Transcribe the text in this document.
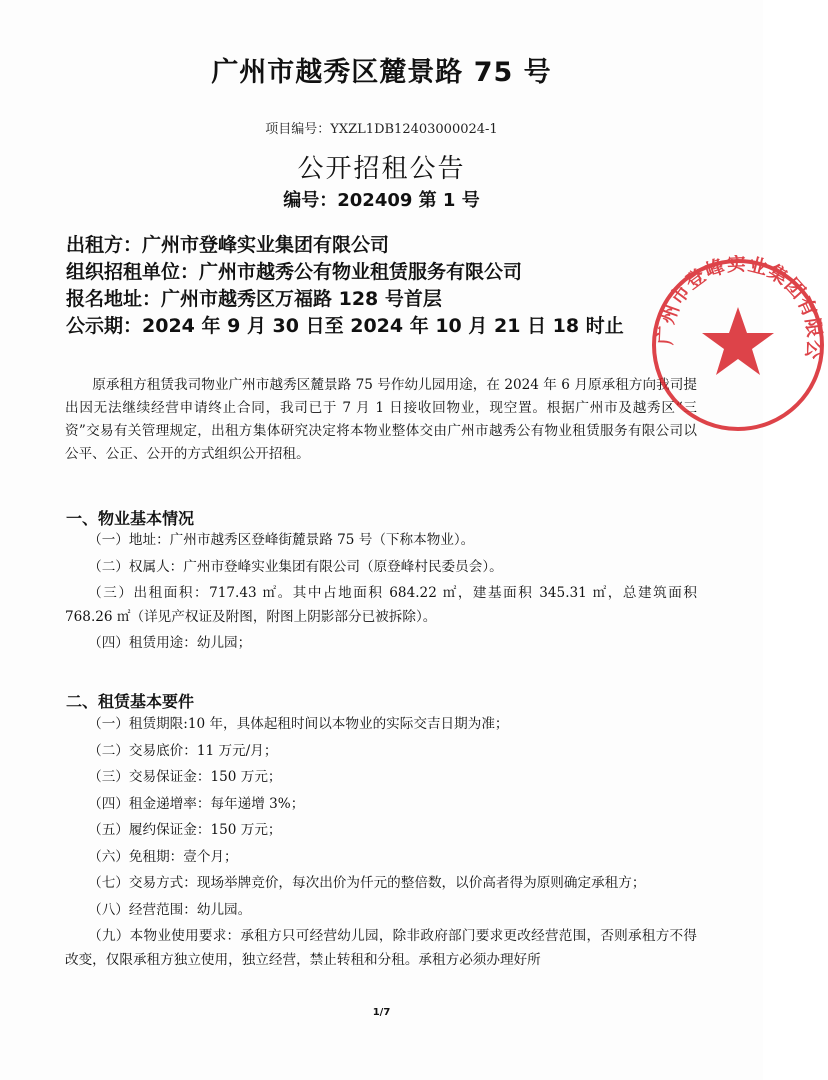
广州市越秀区麓景路 75 号
项目编号：YXZL1DB12403000024-1
公开招租公告
编号：202409 第 1 号
出租方：广州市登峰实业集团有限公司
组织招租单位：广州市越秀公有物业租赁服务有限公司
报名地址：广州市越秀区万福路 128 号首层
公示期：2024 年 9 月 30 日至 2024 年 10 月 21 日 18 时止
原承租方租赁我司物业广州市越秀区麓景路 75 号作幼儿园用途，在 2024 年 6 月原承租方向我司提出因无法继续经营申请终止合同，我司已于 7 月 1 日接收回物业，现空置。根据广州市及越秀区“三资”交易有关管理规定，出租方集体研究决定将本物业整体交由广州市越秀公有物业租赁服务有限公司以公平、公正、公开的方式组织公开招租。
一、物业基本情况

（一）地址：广州市越秀区登峰街麓景路 75 号（下称本物业）。

（二）权属人：广州市登峰实业集团有限公司（原登峰村民委员会）。

（三）出租面积：717.43 ㎡。其中占地面积 684.22 ㎡，建基面积 345.31 ㎡，总建筑面积 768.26 ㎡（详见产权证及附图，附图上阴影部分已被拆除）。

（四）租赁用途：幼儿园；

二、租赁基本要件

（一）租赁期限:10 年，具体起租时间以本物业的实际交吉日期为准；

（二）交易底价：11 万元/月；

（三）交易保证金：150 万元；

（四）租金递增率：每年递增 3%；

（五）履约保证金：150 万元；

（六）免租期：壹个月；

（七）交易方式：现场举牌竞价，每次出价为仟元的整倍数，以价高者得为原则确定承租方；

（八）经营范围：幼儿园。

（九）本物业使用要求：承租方只可经营幼儿园，除非政府部门要求更改经营范围，否则承租方不得改变，仅限承租方独立使用，独立经营，禁止转租和分租。承租方必须办理好所

1/7
广州市登峰实业集团有限公
